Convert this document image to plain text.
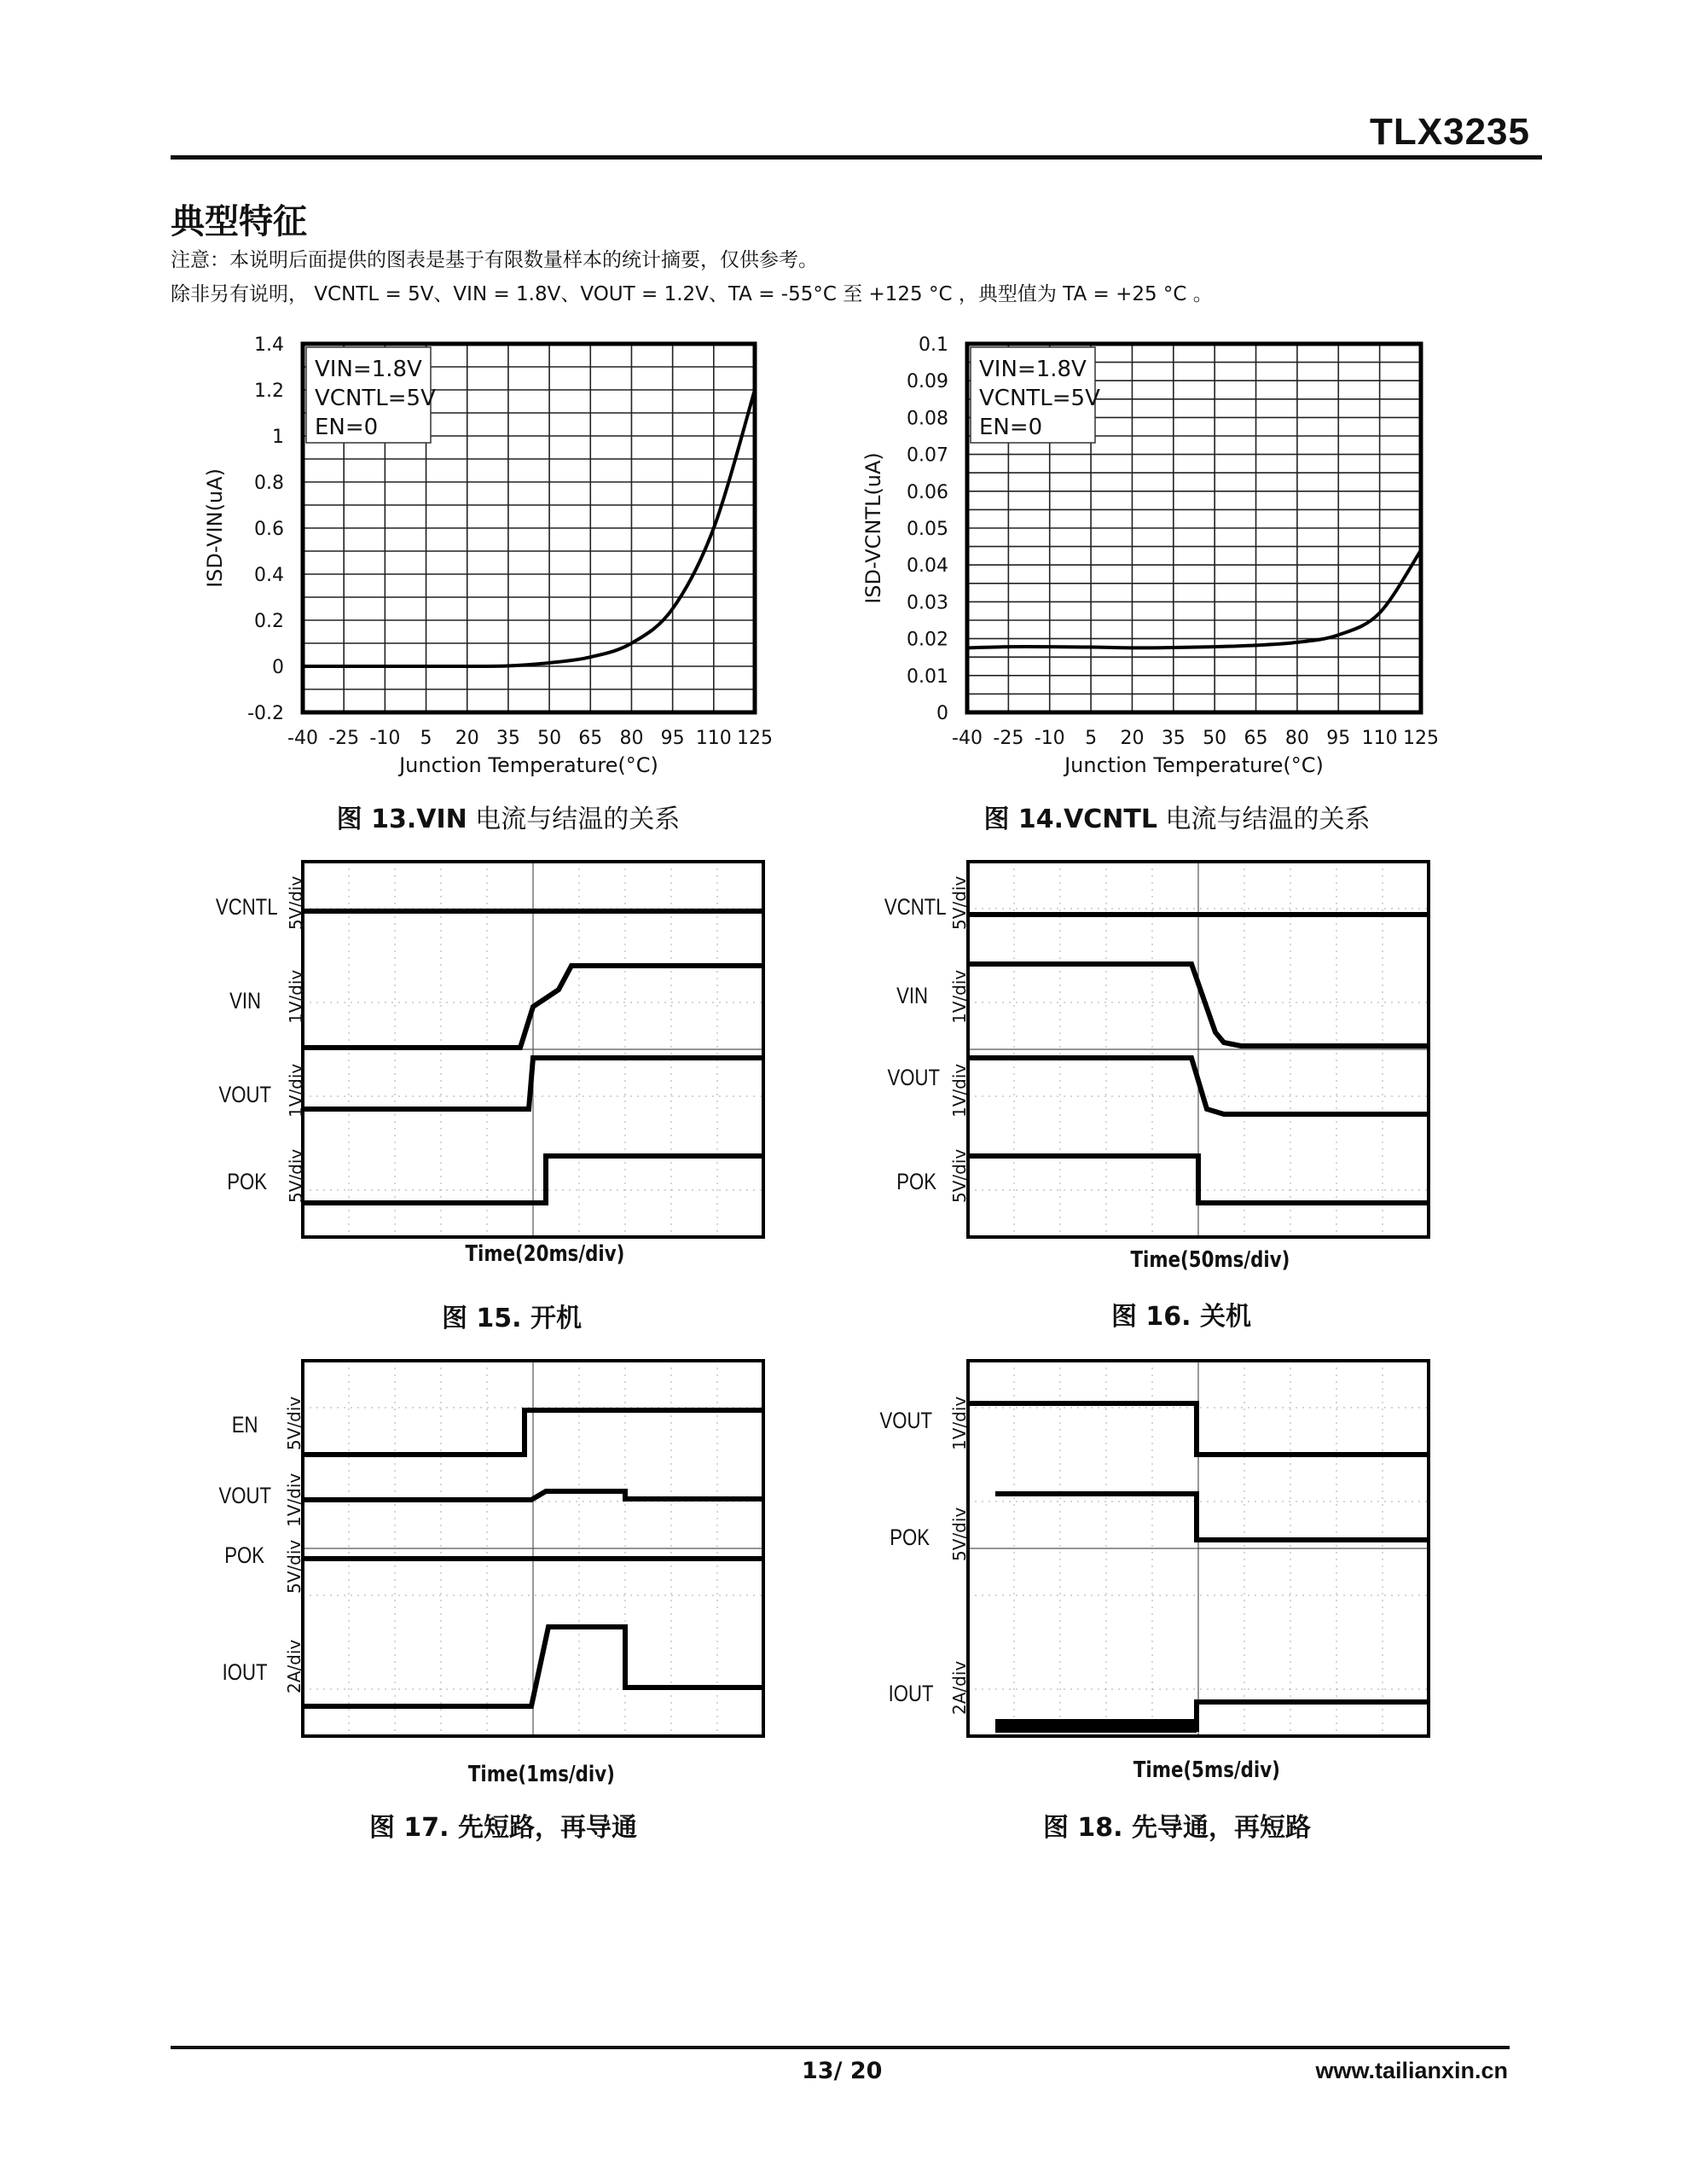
TLX3235
典型特征
注意：本说明后面提供的图表是基于有限数量样本的统计摘要，仅供参考。
除非另有说明， VCNTL = 5V、VIN = 1.8V、VOUT = 1.2V、TA = -55°C 至 +125 °C ，典型值为 TA = +25 °C 。
-0.2
0
0.2
0.4
0.6
0.8
1
1.2
1.4
-40 -25 -10 5 20 35 50 65 80 95 110 125
Junction Temperature(°C)
ISD-VIN(uA)
VIN=1.8V
VCNTL=5V
EN=0
图 13.VIN 电流与结温的关系
0
0.01
0.02
0.03
0.04
0.05
0.06
0.07
0.08
0.09
0.1
-40 -25 -10 5 20 35 50 65 80 95 110 125
Junction Temperature(°C)
ISD-VCNTL(uA)
VIN=1.8V
VCNTL=5V
EN=0
图 14.VCNTL 电流与结温的关系
VCNTL
VIN
VOUT
POK
5V/div
1V/div
1V/div
5V/div
Time(20ms/div)
图 15. 开机
VCNTL
VIN
VOUT
POK
5V/div
1V/div
1V/div
5V/div
Time(50ms/div)
图 16. 关机
EN
VOUT
POK
IOUT
5V/div
1V/div
5V/div
2A/div
Time(1ms/div)
图 17. 先短路，再导通
VOUT
POK
IOUT
1V/div
5V/div
2A/div
Time(5ms/div)
图 18. 先导通，再短路
13/ 20	www.tailianxin.cn
